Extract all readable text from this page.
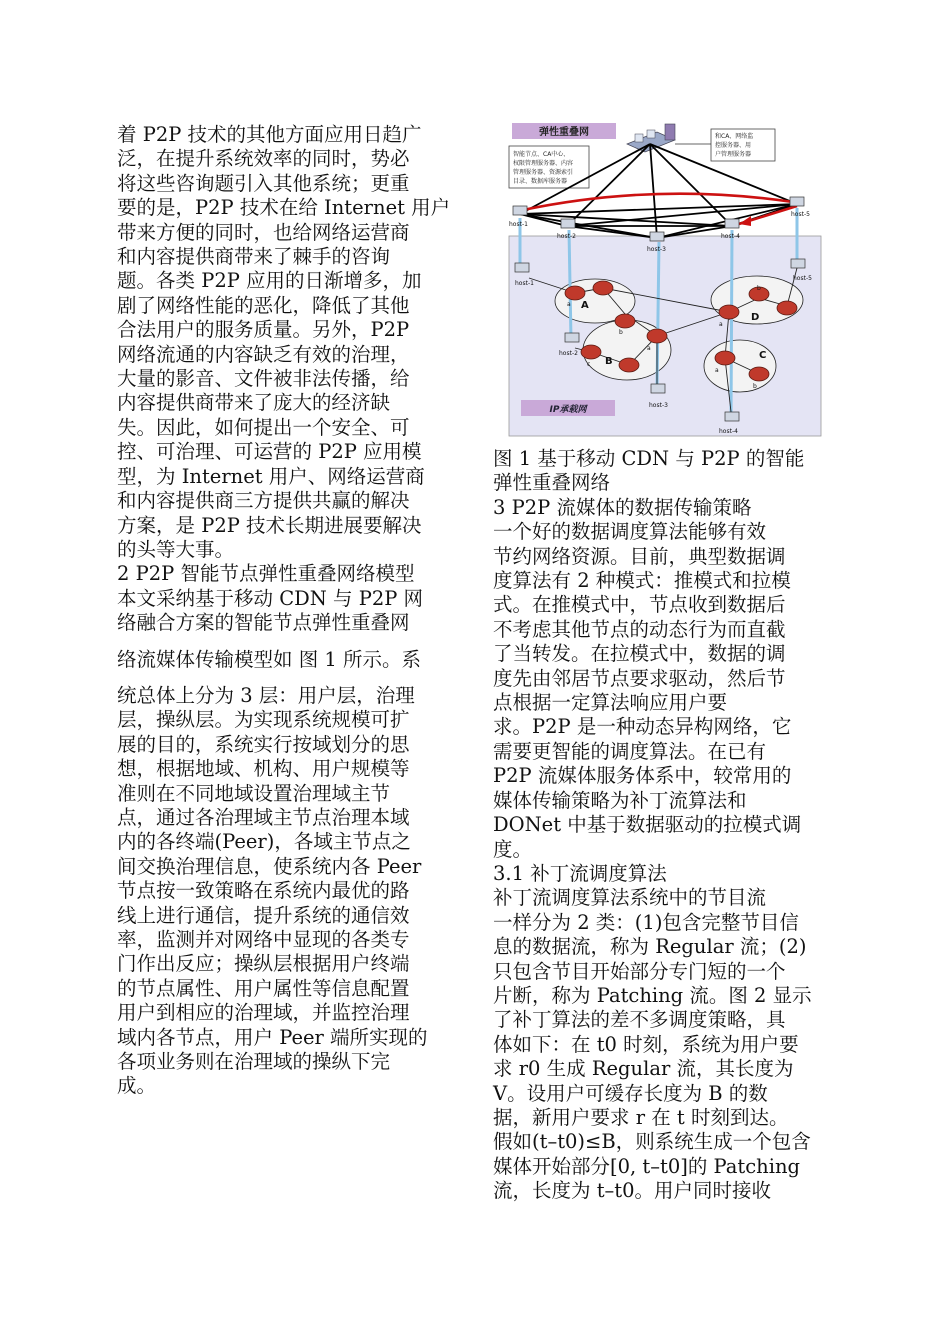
着 P2P 技术的其他方面应用日趋广
泛，在提升系统效率的同时，势必
将这些咨询题引入其他系统；更重
要的是，P2P 技术在给 Internet 用户
带来方便的同时，也给网络运营商
和内容提供商带来了棘手的咨询
题。各类 P2P 应用的日渐增多，加
剧了网络性能的恶化，降低了其他
合法用户的服务质量。另外，P2P
网络流通的内容缺乏有效的治理，
大量的影音、文件被非法传播，给
内容提供商带来了庞大的经济缺
失。因此，如何提出一个安全、可
控、可治理、可运营的 P2P 应用模
型，为 Internet 用户、网络运营商
和内容提供商三方提供共赢的解决
方案，是 P2P 技术长期进展要解决
的头等大事。
2 P2P 智能节点弹性重叠网络模型
本文采纳基于移动 CDN 与 P2P 网
络融合方案的智能节点弹性重叠网
络流媒体传输模型如 图 1 所示。系
统总体上分为 3 层：用户层，治理
层，操纵层。为实现系统规模可扩
展的目的，系统实行按域划分的思
想，根据地域、机构、用户规模等
准则在不同地域设置治理域主节
点，通过各治理域主节点治理本域
内的各终端(Peer)，各域主节点之
间交换治理信息，使系统内各 Peer
节点按一致策略在系统内最优的路
线上进行通信，提升系统的通信效
率，监测并对网络中显现的各类专
门作出反应；操纵层根据用户终端
的节点属性、用户属性等信息配置
用户到相应的治理域，并监控治理
域内各节点，用户 Peer 端所实现的
各项业务则在治理域的操纵下完
成。
弹性重叠网
智能节点、CA中心、
权限管理服务器、内容
管理服务器、资源索引
目录、数据库服务器
和CA、网络监
控服务器、用
户管理服务器
IP承载网
A
B
C
D
a
b
a
c
b
a
a
b
host-1
host-2
host-3
host-4
host-5
host-1
host-2
host-3
host-4
host-5
图 1 基于移动 CDN 与 P2P 的智能
弹性重叠网络
3 P2P 流媒体的数据传输策略
一个好的数据调度算法能够有效
节约网络资源。目前，典型数据调
度算法有 2 种模式：推模式和拉模
式。在推模式中，节点收到数据后
不考虑其他节点的动态行为而直截
了当转发。在拉模式中，数据的调
度先由邻居节点要求驱动，然后节
点根据一定算法响应用户要
求。P2P 是一种动态异构网络，它
需要更智能的调度算法。在已有
P2P 流媒体服务体系中，较常用的
媒体传输策略为补丁流算法和
DONet 中基于数据驱动的拉模式调
度。
3.1 补丁流调度算法
补丁流调度算法系统中的节目流
一样分为 2 类：(1)包含完整节目信
息的数据流，称为 Regular 流；(2)
只包含节目开始部分专门短的一个
片断，称为 Patching 流。图 2 显示
了补丁算法的差不多调度策略，具
体如下：在 t0 时刻，系统为用户要
求 r0 生成 Regular 流，其长度为
V。设用户可缓存长度为 B 的数
据，新用户要求 r 在 t 时刻到达。
假如(t–t0)≤B，则系统生成一个包含
媒体开始部分[0, t–t0]的 Patching
流，长度为 t–t0。用户同时接收
